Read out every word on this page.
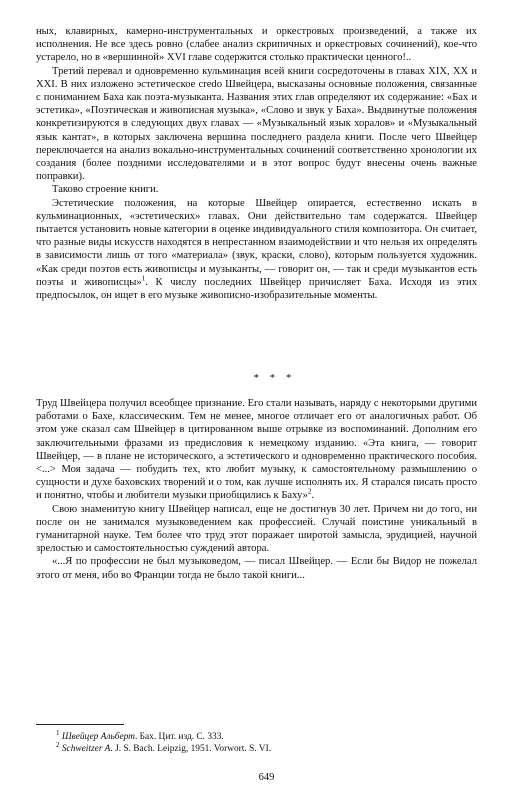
ных, клавирных, камерно-инструментальных и оркестровых произведений, а также их исполнения. Не все здесь ровно (слабее анализ скрипичных и оркестровых сочинений), кое-что устарело, но в «вершинной» XVI главе содержится столько практически ценного!..

Третий перевал и одновременно кульминация всей книги сосредоточены в главах XIX, XX и XXI. В них изложено эстетическое credo Швейцера, высказаны основные положения, связанные с пониманием Баха как поэта-музыканта. Названия этих глав определяют их содержание: «Бах и эстетика», «Поэтическая и живописная музыка», «Слово и звук у Баха». Выдвинутые положения конкретизируются в следующих двух главах — «Музыкальный язык хоралов» и «Музыкальный язык кантат», в которых заключена вершина последнего раздела книги. После чего Швейцер переключается на анализ вокально-инструментальных сочинений соответственно хронологии их создания (более поздними исследователями и в этот вопрос будут внесены очень важные поправки).

Таково строение книги.

Эстетические положения, на которые Швейцер опирается, естественно искать в кульминационных, «эстетических» главах. Они действительно там содержатся. Швейцер пытается установить новые категории в оценке индивидуального стиля композитора. Он считает, что разные виды искусств находятся в непрестанном взаимодействии и что нельзя их определять в зависимости лишь от того «материала» (звук, краски, слово), которым пользуется художник. «Как среди поэтов есть живописцы и музыканты, — говорит он, — так и среди музыкантов есть поэты и живописцы»$^1$. К числу последних Швейцер причисляет Баха. Исходя из этих предпосылок, он ищет в его музыке живописно-изобразительные моменты.

* * *

Труд Швейцера получил всеобщее признание. Его стали называть, наряду с некоторыми другими работами о Бахе, классическим. Тем не менее, многое отличает его от аналогичных работ. Об этом уже сказал сам Швейцер в цитированном выше отрывке из воспоминаний. Дополним его заключительными фразами из предисловия к немецкому изданию. «Эта книга, — говорит Швейцер, — в плане не исторического, а эстетического и одновременно практического пособия. <...> Моя задача — побудить тех, кто любит музыку, к самостоятельному размышлению о сущности и духе баховских творений и о том, как лучше исполнять их. Я старался писать просто и понятно, чтобы и любители музыки приобщились к Баху»$^2$.

Свою знаменитую книгу Швейцер написал, еще не достигнув 30 лет. Причем ни до того, ни после он не занимался музыковедением как профессией. Случай поистине уникальный в гуманитарной науке. Тем более что труд этот поражает широтой замысла, эрудицией, научной зрелостью и самостоятельностью суждений автора.

«...Я по профессии не был музыковедом, — писал Швейцер. — Если бы Видор не пожелал этого от меня, ибо во Франции тогда не было такой книги...

$^1$ Швейцер Альберт. Бах. Цит. изд. С. 333.

$^2$ Schweitzer A. J. S. Bach. Leipzig, 1951. Vorwort. S. VI.

649
